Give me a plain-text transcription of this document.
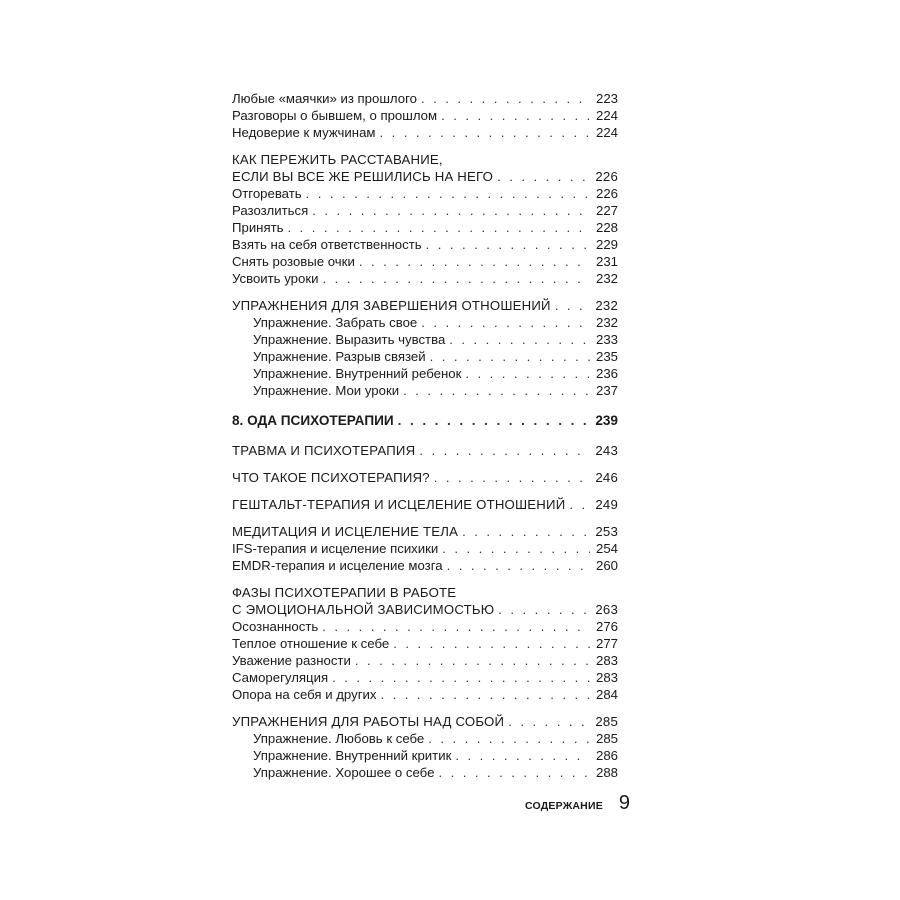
Любые «маячки» из прошлого . . .	223
Разговоры о бывшем, о прошлом . . .	224
Недоверие к мужчинам . . .	224
КАК ПЕРЕЖИТЬ РАССТАВАНИЕ,
ЕСЛИ ВЫ ВСЕ ЖЕ РЕШИЛИСЬ НА НЕГО . . .	226
Отгоревать . . .	226
Разозлиться . . .	227
Принять . . .	228
Взять на себя ответственность . . .	229
Снять розовые очки . . .	231
Усвоить уроки . . .	232
УПРАЖНЕНИЯ ДЛЯ ЗАВЕРШЕНИЯ ОТНОШЕНИЙ . . .	232
Упражнение. Забрать свое . . .	232
Упражнение. Выразить чувства . . .	233
Упражнение. Разрыв связей . . .	235
Упражнение. Внутренний ребенок . . .	236
Упражнение. Мои уроки . . .	237
8. ОДА ПСИХОТЕРАПИИ . . .	239
ТРАВМА И ПСИХОТЕРАПИЯ . . .	243
ЧТО ТАКОЕ ПСИХОТЕРАПИЯ? . . .	246
ГЕШТАЛЬТ-ТЕРАПИЯ И ИСЦЕЛЕНИЕ ОТНОШЕНИЙ . . . 249
МЕДИТАЦИЯ И ИСЦЕЛЕНИЕ ТЕЛА . . .	253
IFS-терапия и исцеление психики . . .	254
EMDR-терапия и исцеление мозга . . .	260
ФАЗЫ ПСИХОТЕРАПИИ В РАБОТЕ
С ЭМОЦИОНАЛЬНОЙ ЗАВИСИМОСТЬЮ . . .	263
Осознанность . . .	276
Теплое отношение к себе . . .	277
Уважение разности . . .	283
Саморегуляция . . .	283
Опора на себя и других . . .	284
УПРАЖНЕНИЯ ДЛЯ РАБОТЫ НАД СОБОЙ . . .	285
Упражнение. Любовь к себе . . .	285
Упражнение. Внутренний критик . . .	286
Упражнение. Хорошее о себе . . .	288
СОДЕРЖАНИЕ 9
